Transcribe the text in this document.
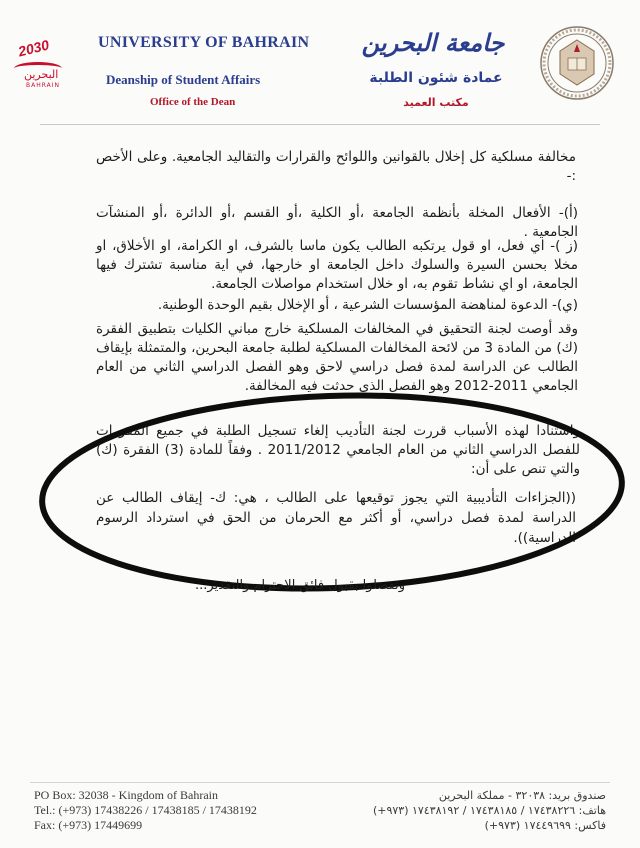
2030
البحرين
BAHRAIN
UNIVERSITY OF BAHRAIN
Deanship of Student Affairs
Office of the Dean
جامعة البحرين
عمادة شئون الطلبة
مكتب العميد
مخالفة مسلكية كل إخلال بالقوانين واللوائح والقرارات والتقاليد الجامعية. وعلى الأخص :-
(أ)- الأفعال المخلة بأنظمة الجامعة ،أو الكلية ،أو القسم ،أو الدائرة ،أو المنشآت الجامعية .
(ز )- اي فعل، او قول يرتكبه الطالب يكون ماسا بالشرف، او الكرامة، او الأخلاق، او مخلا بحسن السيرة والسلوك داخل الجامعة او خارجها، في اية مناسبة تشترك فيها الجامعة، او اي نشاط تقوم به، او خلال استخدام مواصلات الجامعة.
(ي)- الدعوة لمناهضة المؤسسات الشرعية ، أو الإخلال بقيم الوحدة الوطنية.
وقد أوصت لجنة التحقيق في المخالفات المسلكية خارج مباني الكليات بتطبيق الفقرة (ك) من المادة 3 من لائحة المخالفات المسلكية لطلبة جامعة البحرين، والمتمثلة بإيقاف الطالب عن الدراسة لمدة فصل دراسي لاحق وهو الفصل الدراسي الثاني من العام الجامعي 2011-2012 وهو الفصل الذي حدثت فيه المخالفة.
واستنادا لهذه الأسباب قررت لجنة التأديب إلغاء تسجيل الطلبة في جميع المقررات للفصل الدراسي الثاني من العام الجامعي 2011/2012 . وفقاً للمادة (3) الفقرة (ك) والتي تنص على أن:
((الجزاءات التأديبية التي يجوز توقيعها على الطالب ، هي: ك- إيقاف الطالب عن الدراسة لمدة فصل دراسي، أو أكثر مع الحرمان من الحق في استرداد الرسوم الدراسية)).
وتفضلوا بقبول فائق الاحترام والتقدير...
PO Box: 32038 - Kingdom of Bahrain
Tel.: (+973) 17438226 / 17438185 / 17438192
Fax: (+973) 17449699
صندوق بريد: ٣٢٠٣٨ - مملكة البحرين
هاتف: ١٧٤٣٨٢٢٦ / ١٧٤٣٨١٨٥ / ١٧٤٣٨١٩٢ (٩٧٣+)
فاكس: ١٧٤٤٩٦٩٩ (٩٧٣+)
